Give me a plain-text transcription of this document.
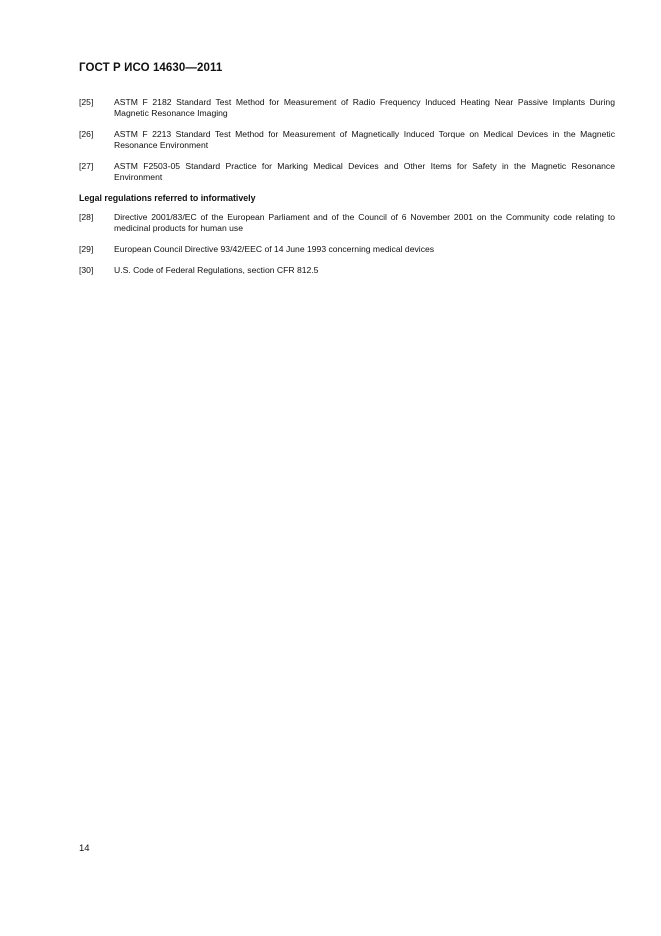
ГОСТ Р ИСО 14630—2011
[25]	ASTM F 2182 Standard Test Method for Measurement of Radio Frequency Induced Heating Near Passive Implants During Magnetic Resonance Imaging
[26]	ASTM F 2213 Standard Test Method for Measurement of Magnetically Induced Torque on Medical Devices in the Magnetic Resonance Environment
[27]	ASTM F2503-05 Standard Practice for Marking Medical Devices and Other Items for Safety in the Magnetic Resonance Environment
Legal regulations referred to informatively
[28]	Directive 2001/83/EC of the European Parliament and of the Council of 6 November 2001 on the Community code relating to medicinal products for human use
[29]	European Council Directive 93/42/EEC of 14 June 1993 concerning medical devices
[30]	U.S. Code of Federal Regulations, section CFR 812.5
14
